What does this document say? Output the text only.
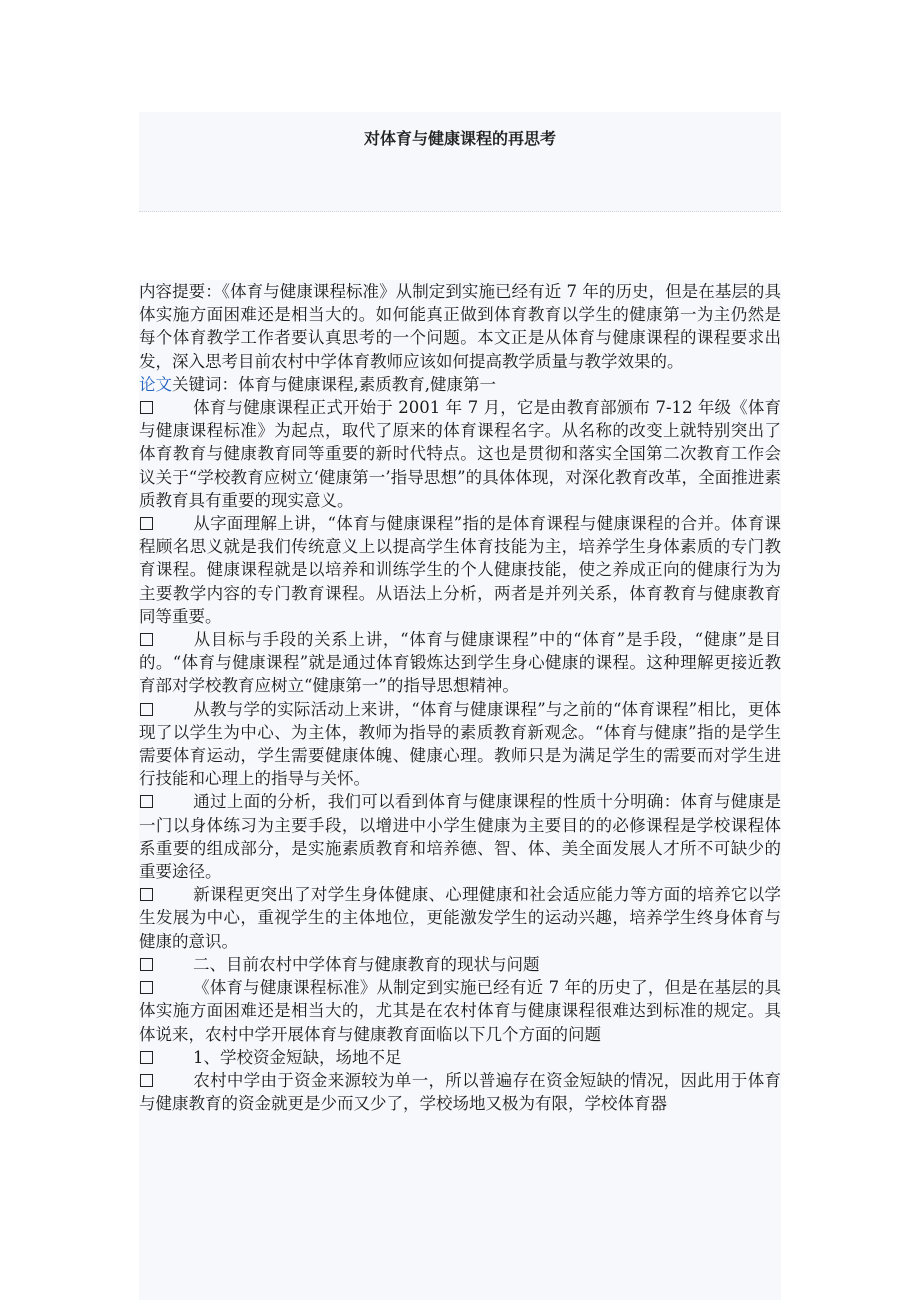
对体育与健康课程的再思考

内容提要：《体育与健康课程标准》从制定到实施已经有近 7 年的历史，但是在基层的具体实施方面困难还是相当大的。如何能真正做到体育教育以学生的健康第一为主仍然是每个体育教学工作者要认真思考的一个问题。本文正是从体育与健康课程的课程要求出发，深入思考目前农村中学体育教师应该如何提高教学质量与教学效果的。

论文关键词：体育与健康课程,素质教育,健康第一

体育与健康课程正式开始于 2001 年 7 月，它是由教育部颁布 7-12 年级《体育与健康课程标准》为起点，取代了原来的体育课程名字。从名称的改变上就特别突出了体育教育与健康教育同等重要的新时代特点。这也是贯彻和落实全国第二次教育工作会议关于“学校教育应树立‘健康第一’指导思想”的具体体现，对深化教育改革，全面推进素质教育具有重要的现实意义。

从字面理解上讲，“体育与健康课程”指的是体育课程与健康课程的合并。体育课程顾名思义就是我们传统意义上以提高学生体育技能为主，培养学生身体素质的专门教育课程。健康课程就是以培养和训练学生的个人健康技能，使之养成正向的健康行为为主要教学内容的专门教育课程。从语法上分析，两者是并列关系，体育教育与健康教育同等重要。

从目标与手段的关系上讲，“体育与健康课程”中的“体育”是手段，“健康”是目的。“体育与健康课程”就是通过体育锻炼达到学生身心健康的课程。这种理解更接近教育部对学校教育应树立“健康第一”的指导思想精神。

从教与学的实际活动上来讲，“体育与健康课程”与之前的“体育课程”相比，更体现了以学生为中心、为主体，教师为指导的素质教育新观念。“体育与健康”指的是学生需要体育运动，学生需要健康体魄、健康心理。教师只是为满足学生的需要而对学生进行技能和心理上的指导与关怀。

通过上面的分析，我们可以看到体育与健康课程的性质十分明确：体育与健康是一门以身体练习为主要手段，以增进中小学生健康为主要目的的必修课程是学校课程体系重要的组成部分，是实施素质教育和培养德、智、体、美全面发展人才所不可缺少的重要途径。

新课程更突出了对学生身体健康、心理健康和社会适应能力等方面的培养它以学生发展为中心，重视学生的主体地位，更能激发学生的运动兴趣，培养学生终身体育与健康的意识。

二、目前农村中学体育与健康教育的现状与问题

《体育与健康课程标准》从制定到实施已经有近 7 年的历史了，但是在基层的具体实施方面困难还是相当大的，尤其是在农村体育与健康课程很难达到标准的规定。具体说来，农村中学开展体育与健康教育面临以下几个方面的问题

1、学校资金短缺，场地不足

农村中学由于资金来源较为单一，所以普遍存在资金短缺的情况，因此用于体育与健康教育的资金就更是少而又少了，学校场地又极为有限，学校体育器
